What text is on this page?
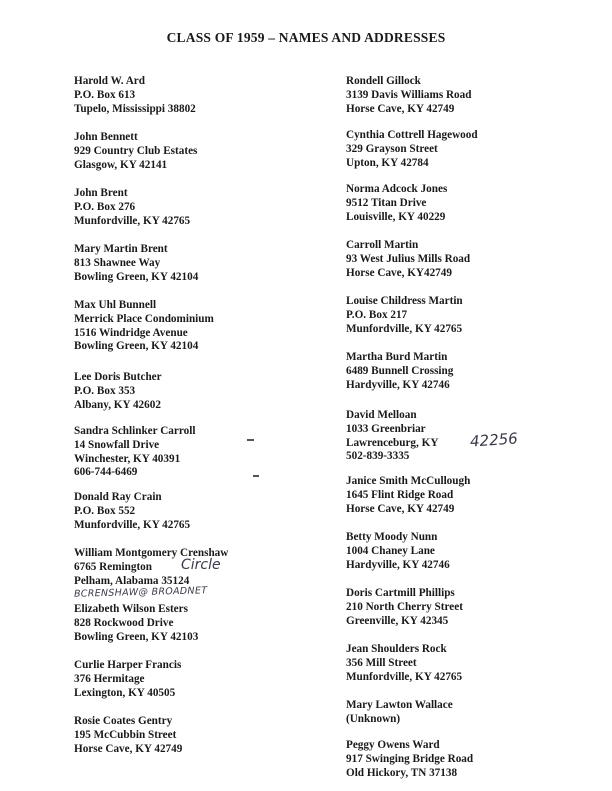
CLASS OF 1959 – NAMES AND ADDRESSES
Harold W. Ard
P.O. Box 613
Tupelo, Mississippi 38802
John Bennett
929 Country Club Estates
Glasgow, KY 42141
John Brent
P.O. Box 276
Munfordville, KY 42765
Mary Martin Brent
813 Shawnee Way
Bowling Green, KY 42104
Max Uhl Bunnell
Merrick Place Condominium
1516 Windridge Avenue
Bowling Green, KY 42104
Lee Doris Butcher
P.O. Box 353
Albany, KY 42602
Sandra Schlinker Carroll
14 Snowfall Drive
Winchester, KY 40391
606-744-6469
Donald Ray Crain
P.O. Box 552
Munfordville, KY 42765
William Montgomery Crenshaw
6765 Remington
Pelham, Alabama 35124
Elizabeth Wilson Esters
828 Rockwood Drive
Bowling Green, KY 42103
Curlie Harper Francis
376 Hermitage
Lexington, KY 40505
Rosie Coates Gentry
195 McCubbin Street
Horse Cave, KY 42749
Rondell Gillock
3139 Davis Williams Road
Horse Cave, KY 42749
Cynthia Cottrell Hagewood
329 Grayson Street
Upton, KY 42784
Norma Adcock Jones
9512 Titan Drive
Louisville, KY 40229
Carroll Martin
93 West Julius Mills Road
Horse Cave, KY42749
Louise Childress Martin
P.O. Box 217
Munfordville, KY 42765
Martha Burd Martin
6489 Bunnell Crossing
Hardyville, KY 42746
David Melloan
1033 Greenbriar
Lawrenceburg, KY
502-839-3335
Janice Smith McCullough
1645 Flint Ridge Road
Horse Cave, KY 42749
Betty Moody Nunn
1004 Chaney Lane
Hardyville, KY 42746
Doris Cartmill Phillips
210 North Cherry Street
Greenville, KY 42345
Jean Shoulders Rock
356 Mill Street
Munfordville, KY 42765
Mary Lawton Wallace
(Unknown)
Peggy Owens Ward
917 Swinging Bridge Road
Old Hickory, TN 37138
Circle
BCRENSHAW@ BROADNET
42256
